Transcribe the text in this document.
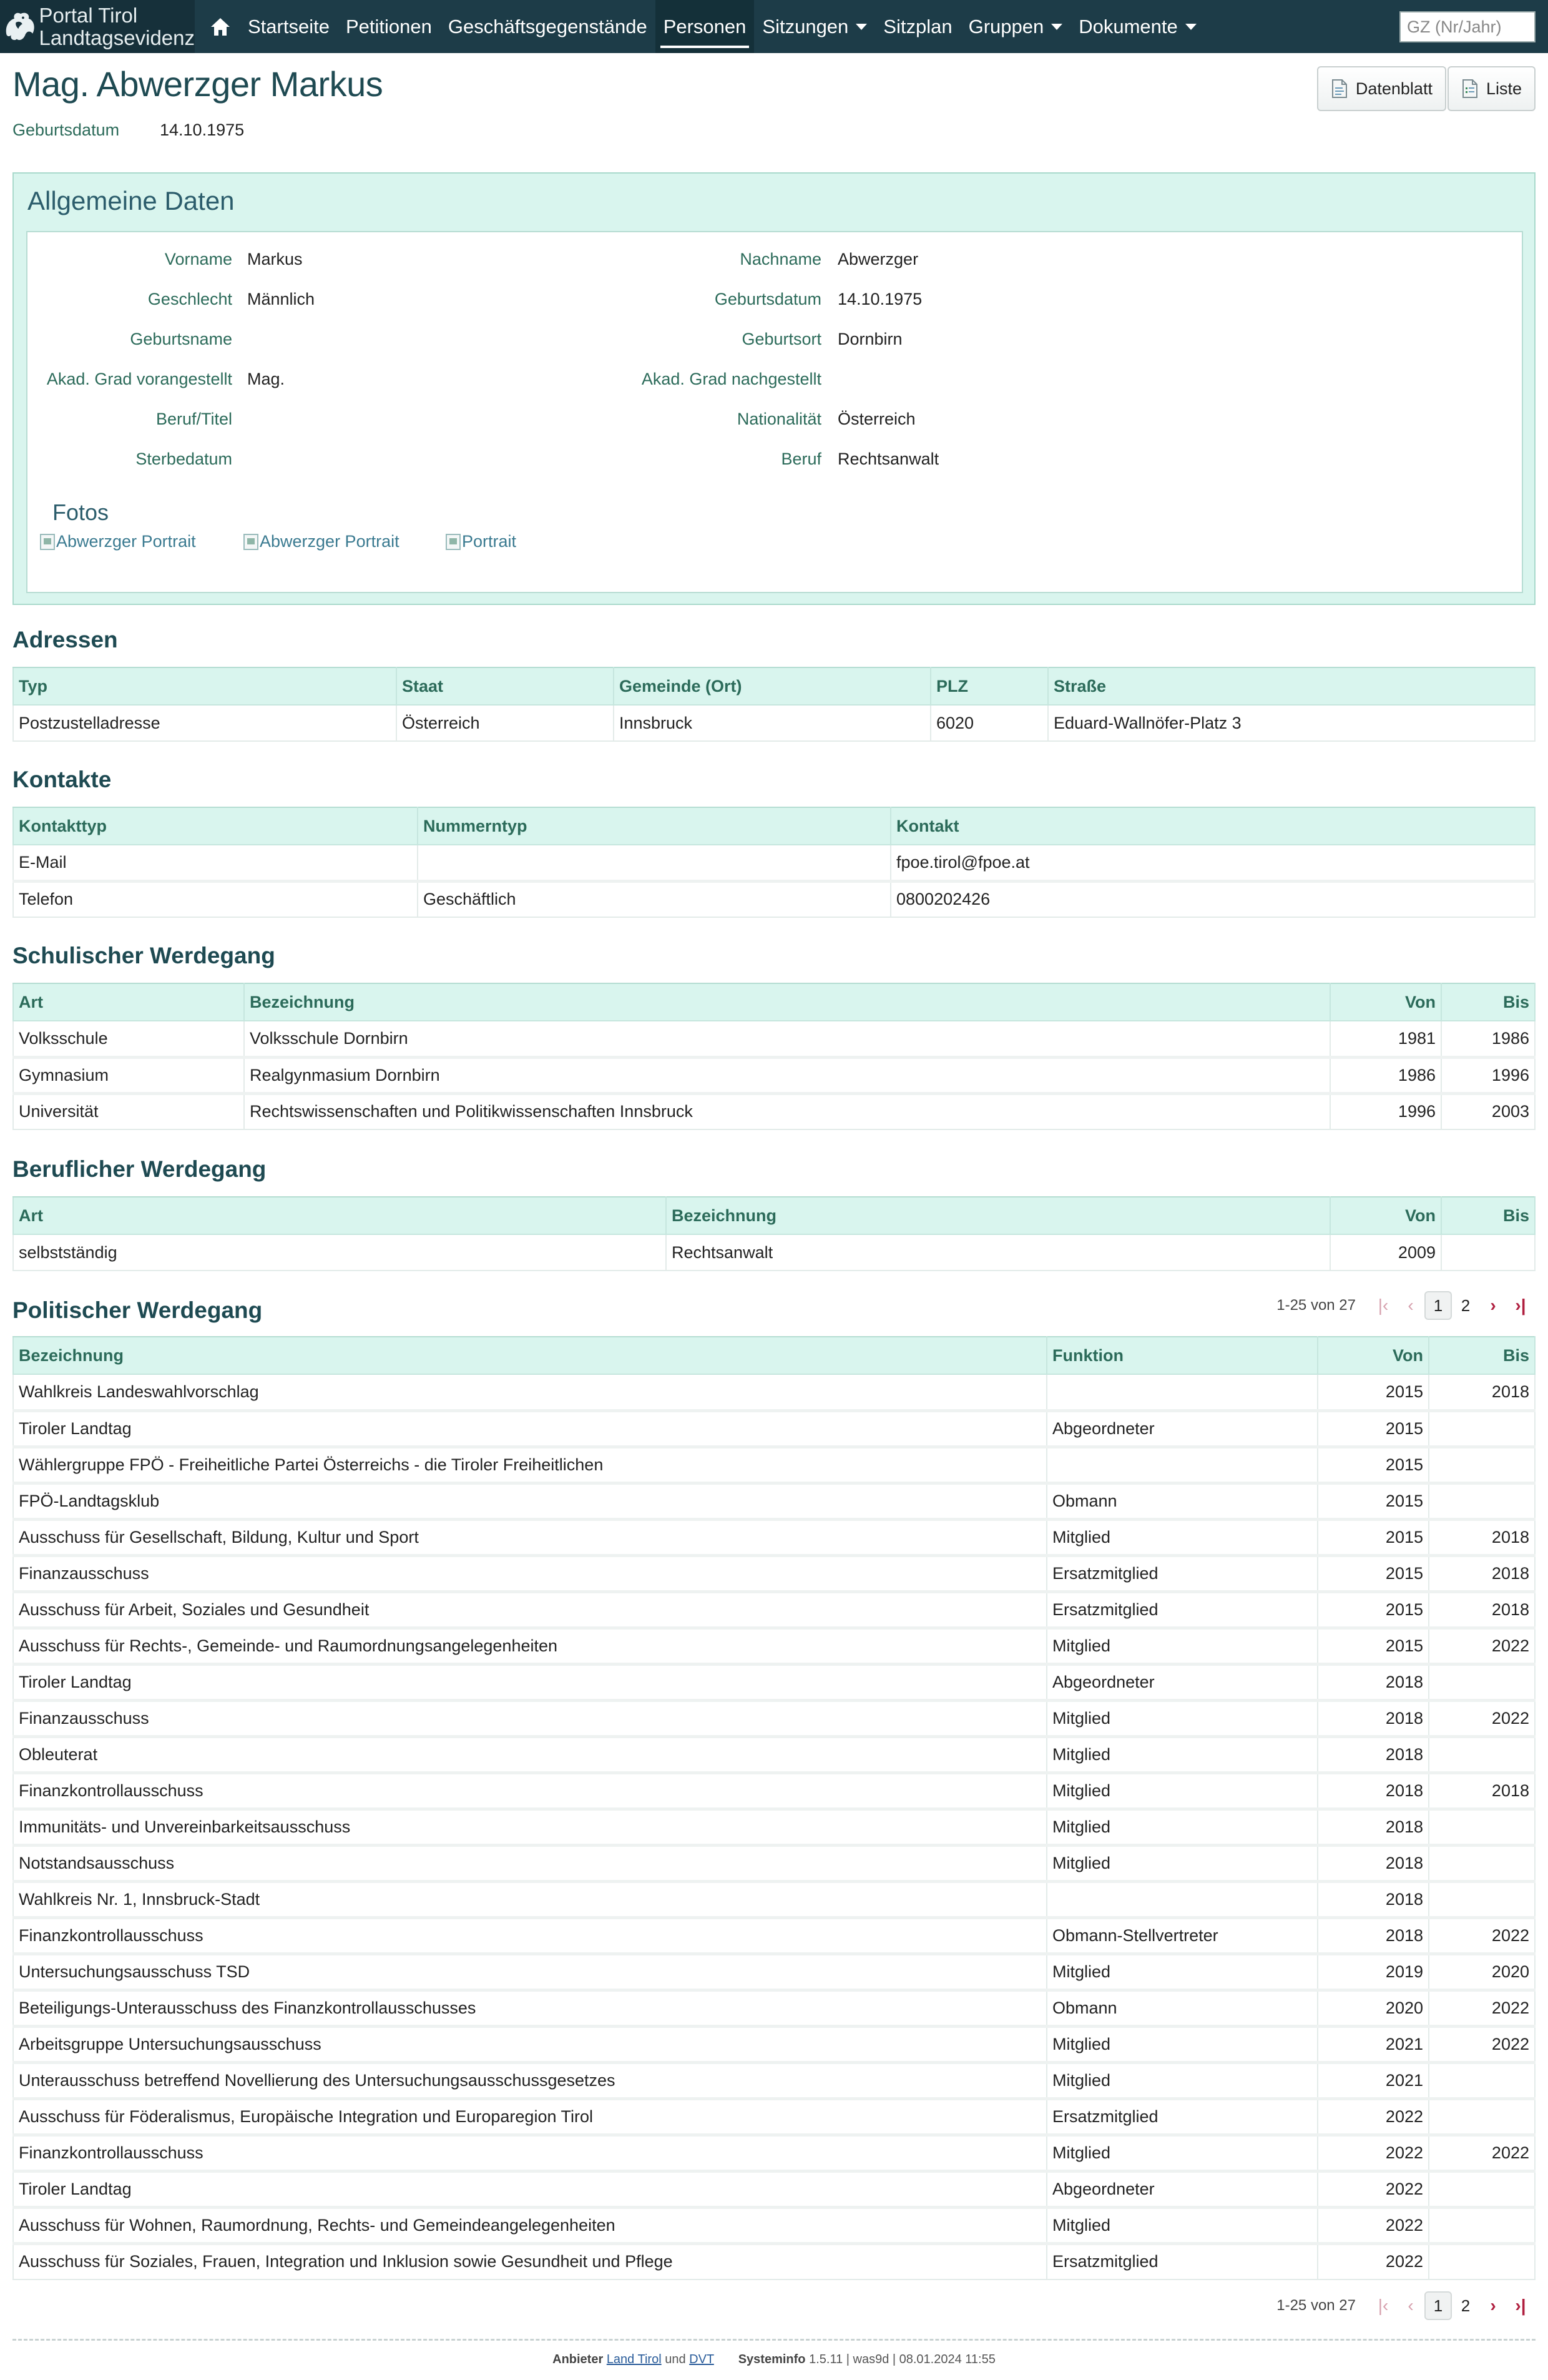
Portal Tirol
Landtagsevidenz	Startseite Petitionen Geschäftsgegenstände Personen Sitzungen Sitzplan Gruppen Dokumente
GZ (Nr/Jahr)
Mag. Abwerzger Markus	Datenblatt	Liste
Geburtsdatum	14.10.1975
Allgemeine Daten
Vorname Markus
Geschlecht Männlich
Geburtsname
Akad. Grad vorangestellt Mag.
Beruf/Titel
Sterbedatum
Nachname Abwerzger
Geburtsdatum 14.10.1975
Geburtsort Dornbirn
Akad. Grad nachgestellt
Nationalität Österreich
Beruf Rechtsanwalt
Fotos
Abwerzger Portrait	Abwerzger Portrait	Portrait
Adressen
Typ	Staat	Gemeinde (Ort)	PLZ	Straße
Postzustelladresse	Österreich	Innsbruck	6020	Eduard-Wallnöfer-Platz 3
Kontakte
Kontakttyp	Nummerntyp	Kontakt
E-Mail		fpoe.tirol@fpoe.at
Telefon	Geschäftlich	0800202426
Schulischer Werdegang
Art	Bezeichnung	Von	Bis
Volksschule	Volksschule Dornbirn	1981	1986
Gymnasium	Realgynmasium Dornbirn	1986	1996
Universität	Rechtswissenschaften und Politikwissenschaften Innsbruck	1996	2003
Beruflicher Werdegang
Art	Bezeichnung	Von	Bis
selbstständig	Rechtsanwalt	2009	
Politischer Werdegang	1-25 von 27	|‹	‹	1	2	›	›|
Bezeichnung	Funktion	Von	Bis
Wahlkreis Landeswahlvorschlag		2015	2018
Tiroler Landtag	Abgeordneter	2015	
Wählergruppe FPÖ - Freiheitliche Partei Österreichs - die Tiroler Freiheitlichen		2015	
FPÖ-Landtagsklub	Obmann	2015	
Ausschuss für Gesellschaft, Bildung, Kultur und Sport	Mitglied	2015	2018
Finanzausschuss	Ersatzmitglied	2015	2018
Ausschuss für Arbeit, Soziales und Gesundheit	Ersatzmitglied	2015	2018
Ausschuss für Rechts-, Gemeinde- und Raumordnungsangelegenheiten	Mitglied	2015	2022
Tiroler Landtag	Abgeordneter	2018	
Finanzausschuss	Mitglied	2018	2022
Obleuterat	Mitglied	2018	
Finanzkontrollausschuss	Mitglied	2018	2018
Immunitäts- und Unvereinbarkeitsausschuss	Mitglied	2018	
Notstandsausschuss	Mitglied	2018	
Wahlkreis Nr. 1, Innsbruck-Stadt		2018	
Finanzkontrollausschuss	Obmann-Stellvertreter	2018	2022
Untersuchungsausschuss TSD	Mitglied	2019	2020
Beteiligungs-Unterausschuss des Finanzkontrollausschusses	Obmann	2020	2022
Arbeitsgruppe Untersuchungsausschuss	Mitglied	2021	2022
Unterausschuss betreffend Novellierung des Untersuchungsausschussgesetzes	Mitglied	2021	
Ausschuss für Föderalismus, Europäische Integration und Europaregion Tirol	Ersatzmitglied	2022	
Finanzkontrollausschuss	Mitglied	2022	2022
Tiroler Landtag	Abgeordneter	2022	
Ausschuss für Wohnen, Raumordnung, Rechts- und Gemeindeangelegenheiten	Mitglied	2022	
Ausschuss für Soziales, Frauen, Integration und Inklusion sowie Gesundheit und Pflege	Ersatzmitglied	2022	
1-25 von 27	|‹	‹	1	2	›	›|
Anbieter Land Tirol und DVT Systeminfo 1.5.11 | was9d | 08.01.2024 11:55
